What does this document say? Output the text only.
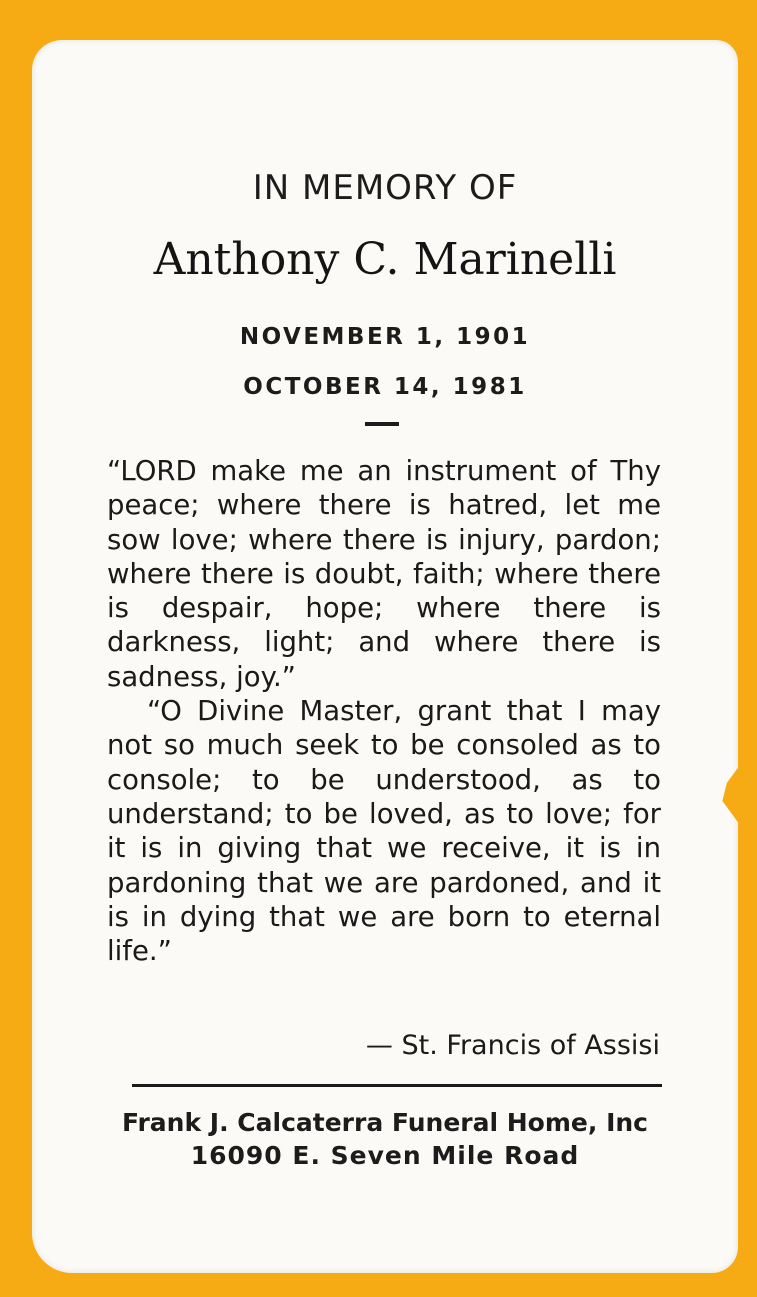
IN MEMORY OF
Anthony C. Marinelli
NOVEMBER 1, 1901
OCTOBER 14, 1981

“LORD make me an instrument of Thy peace; where there is hatred, let me sow love; where there is injury, pardon; where there is doubt, faith; where there is despair, hope; where there is darkness, light; and where there is sadness, joy.”

“O Divine Master, grant that I may not so much seek to be consoled as to console; to be understood, as to understand; to be loved, as to love; for it is in giving that we receive, it is in pardoning that we are pardoned, and it is in dying that we are born to eternal life.”

— St. Francis of Assisi
Frank J. Calcaterra Funeral Home, Inc
16090 E. Seven Mile Road
